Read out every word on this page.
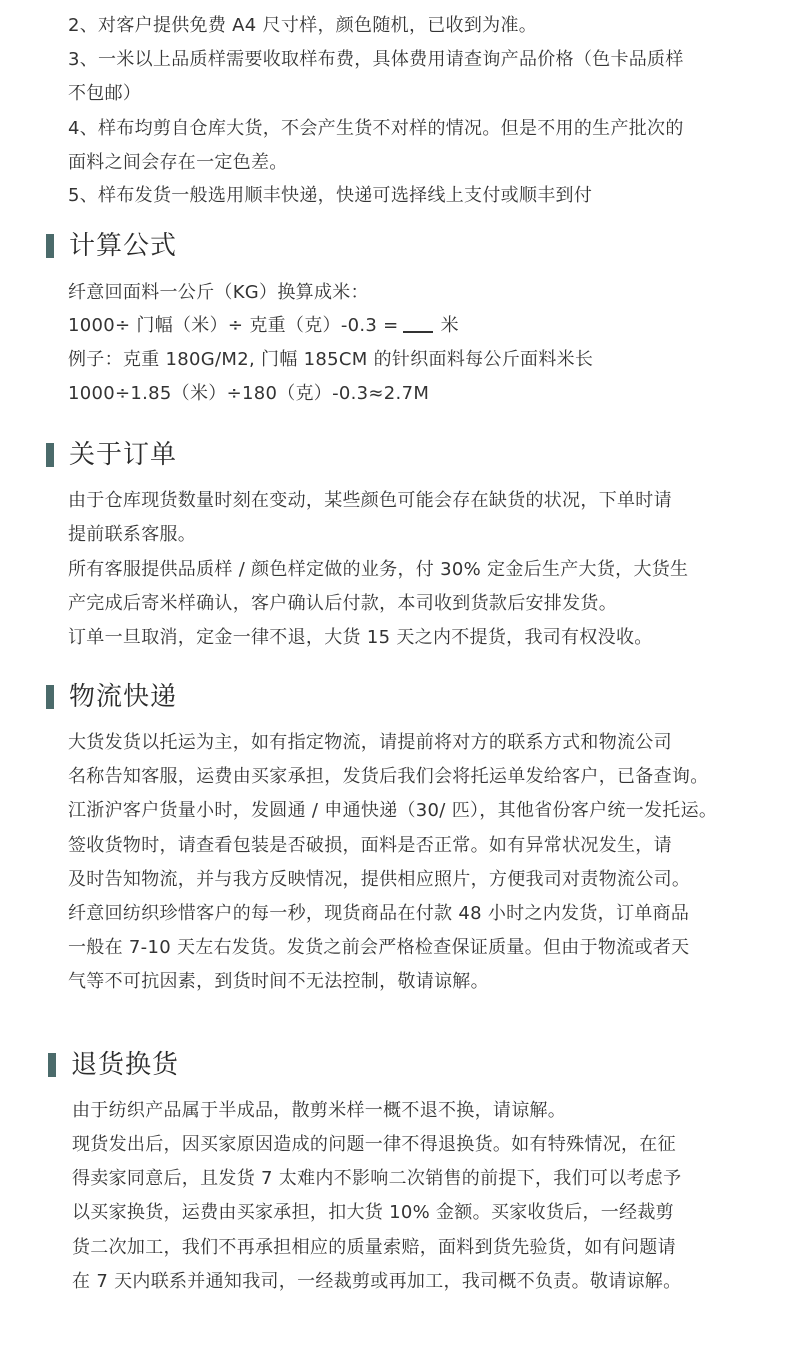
2、对客户提供免费 A4 尺寸样，颜色随机，已收到为准。

3、一米以上品质样需要收取样布费，具体费用请查询产品价格（色卡品质样

不包邮）

4、样布均剪自仓库大货，不会产生货不对样的情况。但是不用的生产批次的

面料之间会存在一定色差。

5、样布发货一般选用顺丰快递，快递可选择线上支付或顺丰到付

计算公式

纤意回面料一公斤（KG）换算成米：

1000÷ 门幅（米）÷ 克重（克）-0.3 = 米

例子：克重 180G/M2, 门幅 185CM 的针织面料每公斤面料米长

1000÷1.85（米）÷180（克）-0.3≈2.7M

关于订单

由于仓库现货数量时刻在变动，某些颜色可能会存在缺货的状况，下单时请

提前联系客服。

所有客服提供品质样 / 颜色样定做的业务，付 30% 定金后生产大货，大货生

产完成后寄米样确认，客户确认后付款，本司收到货款后安排发货。

订单一旦取消，定金一律不退，大货 15 天之内不提货，我司有权没收。

物流快递

大货发货以托运为主，如有指定物流，请提前将对方的联系方式和物流公司

名称告知客服，运费由买家承担，发货后我们会将托运单发给客户，已备查询。

江浙沪客户货量小时，发圆通 / 申通快递（30/ 匹），其他省份客户统一发托运。

签收货物时，请查看包装是否破损，面料是否正常。如有异常状况发生，请

及时告知物流，并与我方反映情况，提供相应照片，方便我司对责物流公司。

纤意回纺织珍惜客户的每一秒，现货商品在付款 48 小时之内发货，订单商品

一般在 7-10 天左右发货。发货之前会严格检查保证质量。但由于物流或者天

气等不可抗因素，到货时间不无法控制，敬请谅解。

退货换货

由于纺织产品属于半成品，散剪米样一概不退不换，请谅解。

现货发出后，因买家原因造成的问题一律不得退换货。如有特殊情况，在征

得卖家同意后，且发货 7 太难内不影响二次销售的前提下，我们可以考虑予

以买家换货，运费由买家承担，扣大货 10% 金额。买家收货后，一经裁剪

货二次加工，我们不再承担相应的质量索赔，面料到货先验货，如有问题请

在 7 天内联系并通知我司，一经裁剪或再加工，我司概不负责。敬请谅解。
